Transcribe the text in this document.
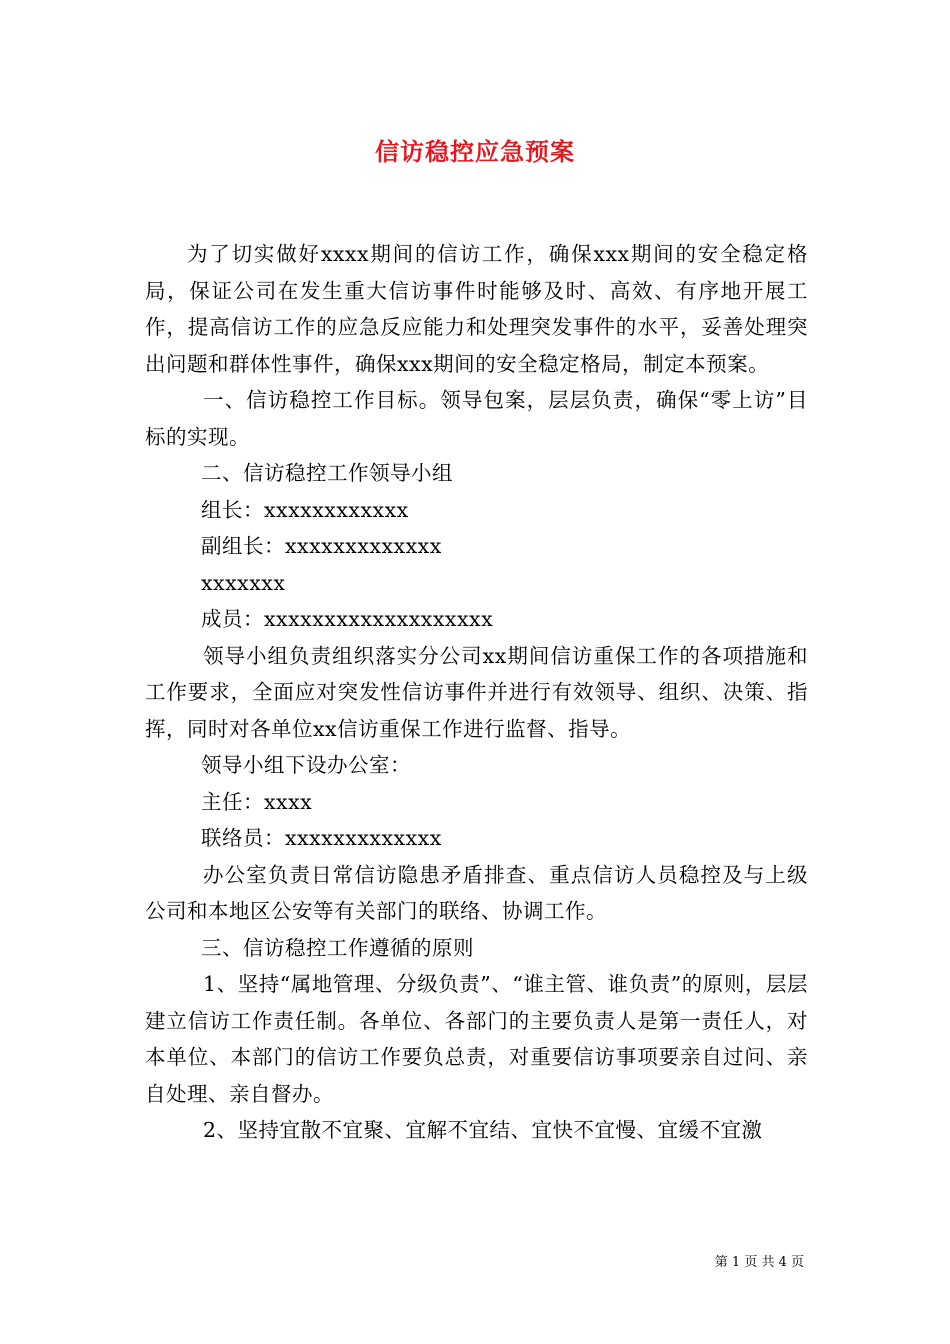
信访稳控应急预案

为了切实做好xxxx期间的信访工作，确保xxx期间的安全稳定格局，保证公司在发生重大信访事件时能够及时、高效、有序地开展工作，提高信访工作的应急反应能力和处理突发事件的水平，妥善处理突出问题和群体性事件，确保xxx期间的安全稳定格局，制定本预案。

一、信访稳控工作目标。领导包案，层层负责，确保“零上访”目标的实现。

二、信访稳控工作领导小组

组长：xxxxxxxxxxxx

副组长：xxxxxxxxxxxxx

xxxxxxx

成员：xxxxxxxxxxxxxxxxxxx

领导小组负责组织落实分公司xx期间信访重保工作的各项措施和工作要求，全面应对突发性信访事件并进行有效领导、组织、决策、指挥，同时对各单位xx信访重保工作进行监督、指导。

领导小组下设办公室：

主任：xxxx

联络员：xxxxxxxxxxxxx

办公室负责日常信访隐患矛盾排查、重点信访人员稳控及与上级公司和本地区公安等有关部门的联络、协调工作。

三、信访稳控工作遵循的原则

1、坚持“属地管理、分级负责”、“谁主管、谁负责”的原则，层层建立信访工作责任制。各单位、各部门的主要负责人是第一责任人，对本单位、本部门的信访工作要负总责，对重要信访事项要亲自过问、亲自处理、亲自督办。

2、坚持宜散不宜聚、宜解不宜结、宜快不宜慢、宜缓不宜激

第 1 页 共 4 页
